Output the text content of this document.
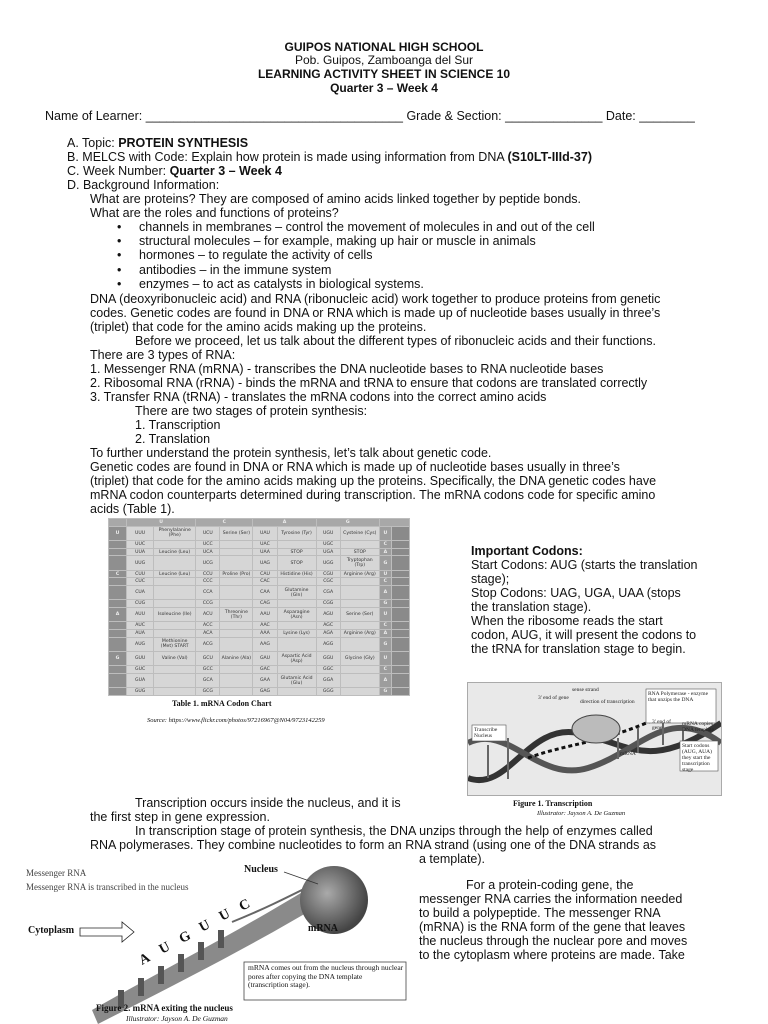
GUIPOS NATIONAL HIGH SCHOOL
Pob. Guipos, Zamboanga del Sur
LEARNING ACTIVITY SHEET IN SCIENCE 10
Quarter 3 – Week 4
Name of Learner: _____________________________________ Grade & Section: ______________ Date: ________
A. Topic: PROTEIN SYNTHESIS
B. MELCS with Code: Explain how protein is made using information from DNA (S10LT-IIId-37)
C. Week Number: Quarter 3 – Week 4
D. Background Information:
What are proteins? They are composed of amino acids linked together by peptide bonds.
What are the roles and functions of proteins?
• channels in membranes – control the movement of molecules in and out of the cell
• structural molecules – for example, making up hair or muscle in animals
• hormones – to regulate the activity of cells
• antibodies – in the immune system
• enzymes – to act as catalysts in biological systems.
DNA (deoxyribonucleic acid) and RNA (ribonucleic acid) work together to produce proteins from genetic
codes. Genetic codes are found in DNA or RNA which is made up of nucleotide bases usually in three’s
(triplet) that code for the amino acids making up the proteins.
Before we proceed, let us talk about the different types of ribonucleic acids and their functions.
There are 3 types of RNA:
1. Messenger RNA (mRNA) - transcribes the DNA nucleotide bases to RNA nucleotide bases
2. Ribosomal RNA (rRNA) - binds the mRNA and tRNA to ensure that codons are translated correctly
3. Transfer RNA (tRNA) - translates the mRNA codons into the correct amino acids
There are two stages of protein synthesis:
1. Transcription
2. Translation
To further understand the protein synthesis, let’s talk about genetic code.
Genetic codes are found in DNA or RNA which is made up of nucleotide bases usually in three’s
(triplet) that code for the amino acids making up the proteins. Specifically, the DNA genetic codes have
mRNA codon counterparts determined during transcription. The mRNA codons code for specific amino
acids (Table 1).
	U		C		A		G			
U	UUU	Phenylalanine (Phe)	UCU	Serine (Ser)	UAU	Tyrosine (Tyr)	UGU	Cysteine (Cys)	U	
	UUC		UCC		UAC		UGC		C	
	UUA	Leucine (Leu)	UCA		UAA	STOP	UGA	STOP	A	
	UUG		UCG		UAG	STOP	UGG	Tryptophan (Trp)	G	
C	CUU	Leucine (Leu)	CCU	Proline (Pro)	CAU	Histidine (His)	CGU	Arginine (Arg)	U	
	CUC		CCC		CAC		CGC		C	
	CUA		CCA		CAA	Glutamine (Gln)	CGA		A	
	CUG		CCG		CAG		CGG		G	
A	AUU	Isoleucine (Ile)	ACU	Threonine (Thr)	AAU	Asparagine (Asn)	AGU	Serine (Ser)	U	
	AUC		ACC		AAC		AGC		C	
	AUA		ACA		AAA	Lysine (Lys)	AGA	Arginine (Arg)	A	
	AUG	Methionine (Met) START	ACG		AAG		AGG		G	
G	GUU	Valine (Val)	GCU	Alanine (Ala)	GAU	Aspartic Acid (Asp)	GGU	Glycine (Gly)	U	
	GUC		GCC		GAC		GGC		C	
	GUA		GCA		GAA	Glutamic Acid (Glu)	GGA		A	
	GUG		GCG		GAG		GGG		G	
Table 1. mRNA Codon Chart
Source: https://www.flickr.com/photos/97216967@N04/9723142259
Important Codons:
Start Codons: AUG (starts the translation
stage);
Stop Codons: UAG, UGA, UAA (stops
the translation stage).
When the ribosome reads the start
codon, AUG, it will present the codons to
the tRNA for translation stage to begin.
sense strand
3' end of gene
direction of transcription
RNA Polymerase - enzyme that unzips the DNA
3' end of gene
mRNA copies DNA template
mRNA
Transcribe Nucleus
Start codons (AUG, AUA) they start the transcription stage
Figure 1. Transcription
Illustrator: Jayson A. De Guzman
Transcription occurs inside the nucleus, and it is
the first step in gene expression.
In transcription stage of protein synthesis, the DNA unzips through the help of enzymes called
RNA polymerases. They combine nucleotides to form an RNA strand (using one of the DNA strands as
a template).
For a protein-coding gene, the
messenger RNA carries the information needed
to build a polypeptide. The messenger RNA
(mRNA) is the RNA form of the gene that leaves
the nucleus through the nuclear pore and moves
to the cytoplasm where proteins are made. Take
Messenger RNA
Messenger RNA is transcribed in the nucleus
Nucleus
Cytoplasm	mRNA
A
U
G
U
U
C
mRNA comes out from the nucleus through nuclear pores after copying the DNA template (transcription stage).
Figure 2. mRNA exiting the nucleus
Illustrator: Jayson A. De Guzman
